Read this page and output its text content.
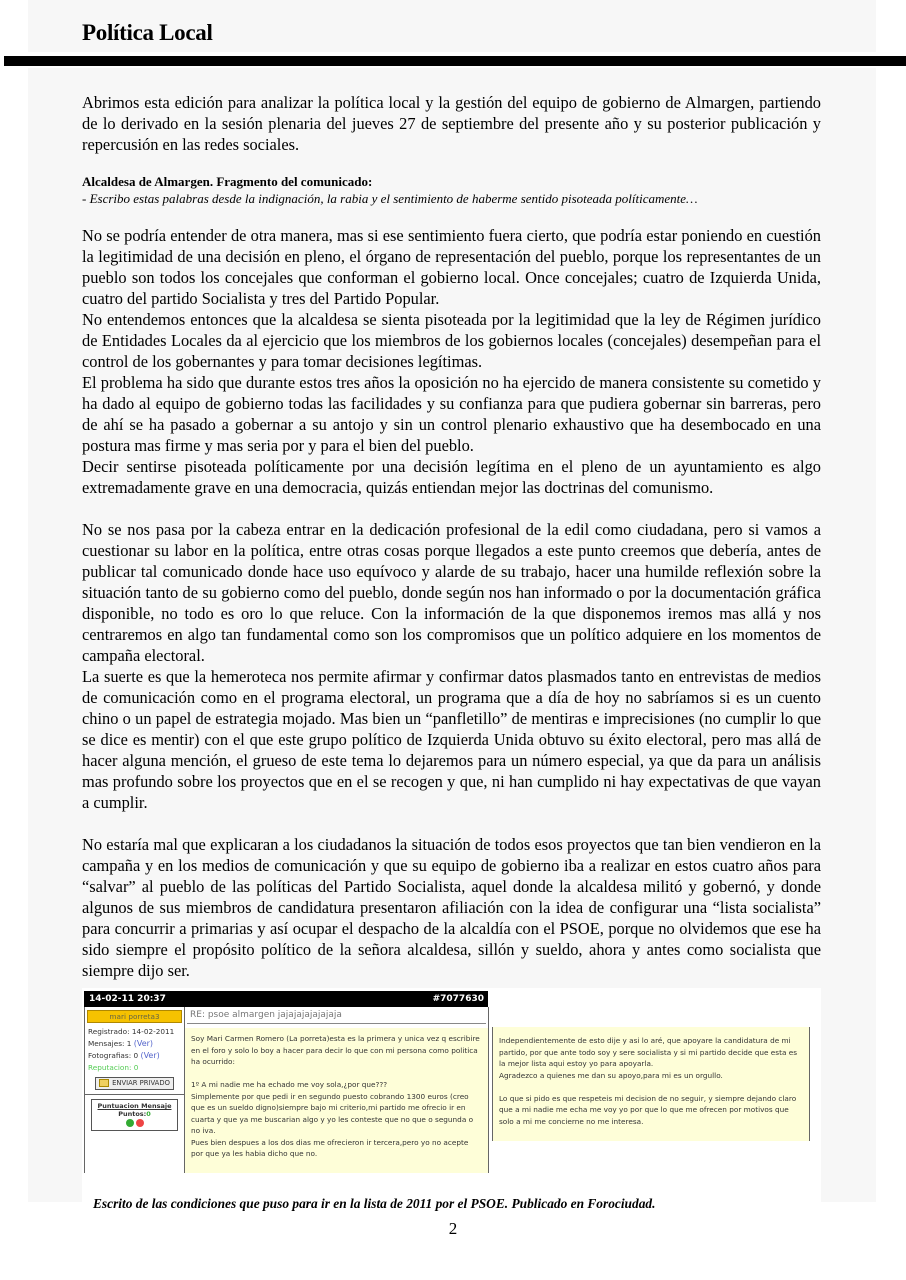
Política Local

Abrimos esta edición para analizar la política local y la gestión del equipo de gobierno de Almargen, partiendo de lo derivado en la sesión plenaria del jueves 27 de septiembre del presente año y su posterior publicación y repercusión en las redes sociales.

Alcaldesa de Almargen. Fragmento del comunicado:

- Escribo estas palabras desde la indignación, la rabia y el sentimiento de haberme sentido pisoteada políticamente…

No se podría entender de otra manera, mas si ese sentimiento fuera cierto, que podría estar poniendo en cuestión la legitimidad de una decisión en pleno, el órgano de representación del pueblo, porque los representantes de un pueblo son todos los concejales que conforman el gobierno local. Once concejales; cuatro de Izquierda Unida, cuatro del partido Socialista y tres del Partido Popular.

No entendemos entonces que la alcaldesa se sienta pisoteada por la legitimidad que la ley de Régimen jurídico de Entidades Locales da al ejercicio que los miembros de los gobiernos locales (concejales) desempeñan para el control de los gobernantes y para tomar decisiones legítimas.

El problema ha sido que durante estos tres años la oposición no ha ejercido de manera consistente su cometido y ha dado al equipo de gobierno todas las facilidades y su confianza para que pudiera gobernar sin barreras, pero de ahí se ha pasado a gobernar a su antojo y sin un control plenario exhaustivo que ha desembocado en una postura mas firme y mas seria por y para el bien del pueblo.

Decir sentirse pisoteada políticamente por una decisión legítima en el pleno de un ayuntamiento es algo extremadamente grave en una democracia, quizás entiendan mejor las doctrinas del comunismo.

No se nos pasa por la cabeza entrar en la dedicación profesional de la edil como ciudadana, pero si vamos a cuestionar su labor en la política, entre otras cosas porque llegados a este punto creemos que debería, antes de publicar tal comunicado donde hace uso equívoco y alarde de su trabajo, hacer una humilde reflexión sobre la situación tanto de su gobierno como del pueblo, donde según nos han informado o por la documentación gráfica disponible, no todo es oro lo que reluce. Con la información de la que disponemos iremos mas allá y nos centraremos en algo tan fundamental como son los compromisos que un político adquiere en los momentos de campaña electoral.

La suerte es que la hemeroteca nos permite afirmar y confirmar datos plasmados tanto en entrevistas de medios de comunicación como en el programa electoral, un programa que a día de hoy no sabríamos si es un cuento chino o un papel de estrategia mojado. Mas bien un “panfletillo” de mentiras e imprecisiones (no cumplir lo que se dice es mentir) con el que este grupo político de Izquierda Unida obtuvo su éxito electoral, pero mas allá de hacer alguna mención, el grueso de este tema lo dejaremos para un número especial, ya que da para un análisis mas profundo sobre los proyectos que en el se recogen y que, ni han cumplido ni hay expectativas de que vayan a cumplir.

No estaría mal que explicaran a los ciudadanos la situación de todos esos proyectos que tan bien vendieron en la campaña y en los medios de comunicación y que su equipo de gobierno iba a realizar en estos cuatro años para “salvar” al pueblo de las políticas del Partido Socialista, aquel donde la alcaldesa militó y gobernó, y donde algunos de sus miembros de candidatura presentaron afiliación con la idea de configurar una “lista socialista” para concurrir a primarias y así ocupar el despacho de la alcaldía con el PSOE, porque no olvidemos que ese ha sido siempre el propósito político de la señora alcaldesa, sillón y sueldo, ahora y antes como socialista que siempre dijo ser.

14-02-11 20:37	#7077630
mari porreta3
Registrado: 14-02-2011
Mensajes: 1 (Ver)
Fotografias: 0 (Ver)
Reputacion: 0
ENVIAR PRIVADO
Puntuacion Mensaje
Puntos:0

RE: psoe almargen jajajajajajajaja

Soy Mari Carmen Romero (La porreta)esta es la primera y unica vez q escribire en el foro y solo lo boy a hacer para decir lo que con mi persona como politica ha ocurrido:

1º A mi nadie me ha echado me voy sola,¿por que???
Simplemente por que pedi ir en segundo puesto cobrando 1300 euros (creo que es un sueldo digno)siempre bajo mi criterio,mi partido me ofrecio ir en cuarta y que ya me buscarian algo y yo les conteste que no que o segunda o no iva.
Pues bien despues a los dos dias me ofrecieron ir tercera,pero yo no acepte por que ya les habia dicho que no.

Independientemente de esto dije y asi lo aré, que apoyare la candidatura de mi partido, por que ante todo soy y sere socialista y si mi partido decide que esta es la mejor lista aqui estoy yo para apoyarla.
Agradezco a quienes me dan su apoyo,para mi es un orgullo.

Lo que si pido es que respeteis mi decision de no seguir, y siempre dejando claro que a mi nadie me echa me voy yo por que lo que me ofrecen por motivos que solo a mi me concierne no me interesa.

Escrito de las condiciones que puso para ir en la lista de 2011 por el PSOE. Publicado en Forociudad.
2
